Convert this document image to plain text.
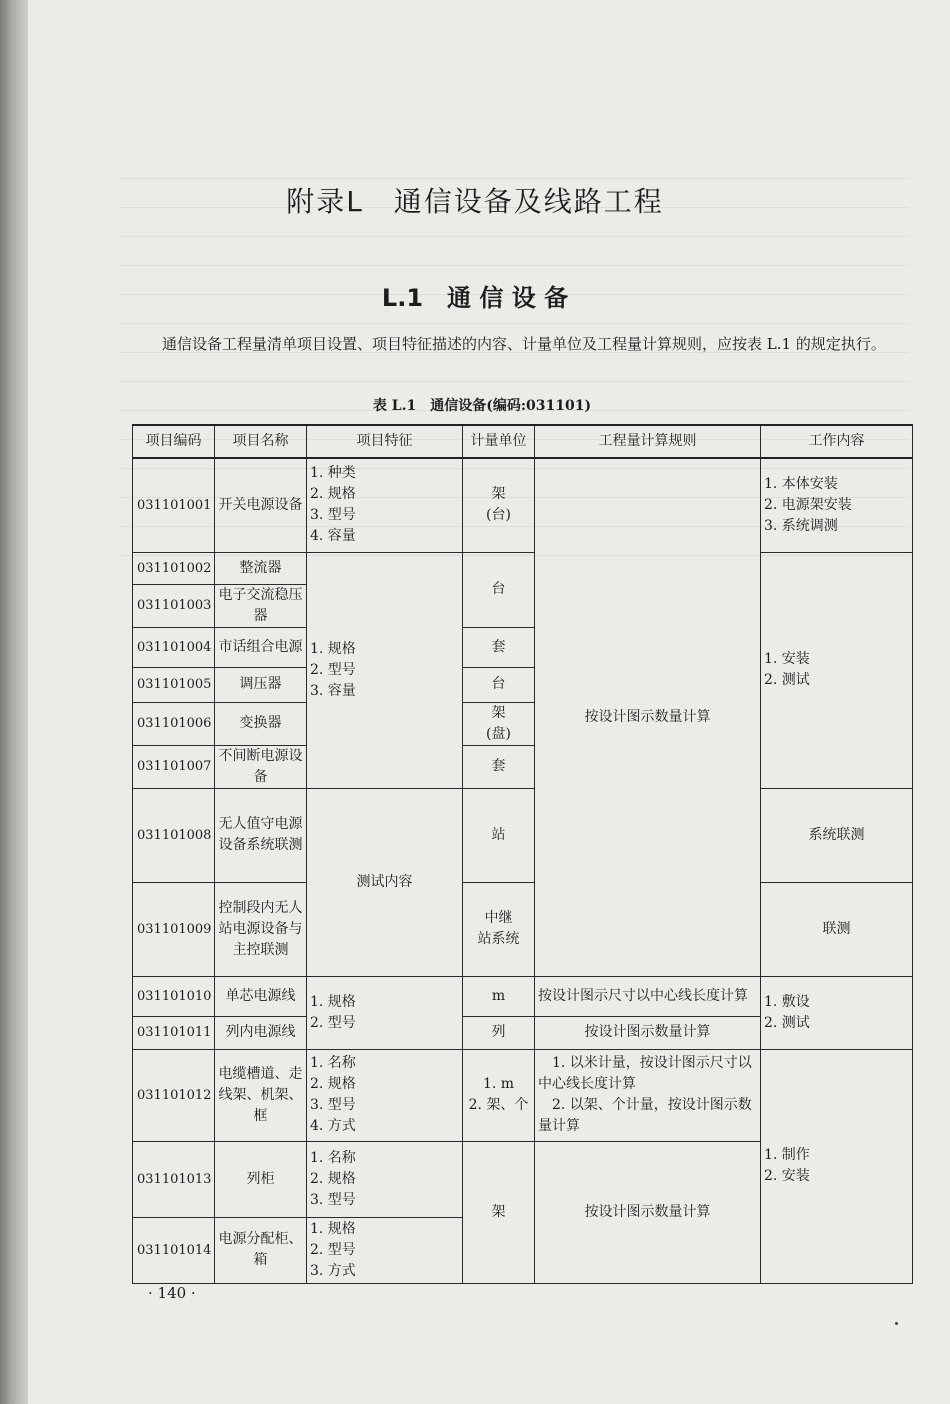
附录L　通信设备及线路工程
L.1　通 信 设 备
通信设备工程量清单项目设置、项目特征描述的内容、计量单位及工程量计算规则，应按表 L.1 的规定执行。
表 L.1　通信设备(编码:031101)
项目编码	项目名称	项目特征	计量单位	工程量计算规则	工作内容
031101001	开关电源设备	1. 种类
2. 规格
3. 型号
4. 容量	架
(台)	按设计图示数量计算	1. 本体安装
2. 电源架安装
3. 系统调测
031101002	整流器	1. 规格
2. 型号
3. 容量	台		1. 安装
2. 测试
031101003	电子交流稳压器				
031101004	市话组合电源		套		
031101005	调压器		台		
031101006	变换器		架
(盘)		
031101007	不间断电源设备		套		
031101008	无人值守电源设备系统联测	测试内容	站		系统联测
031101009	控制段内无人站电源设备与主控联测		中继
站系统		联测
031101010	单芯电源线	1. 规格
2. 型号	m	按设计图示尺寸以中心线长度计算	1. 敷设
2. 测试
031101011	列内电源线		列	按设计图示数量计算	
031101012	电缆槽道、走线架、机架、框	1. 名称
2. 规格
3. 型号
4. 方式	1. m
2. 架、个	　1. 以米计量，按设计图示尺寸以中心线长度计算
　2. 以架、个计量，按设计图示数量计算	1. 制作
2. 安装
031101013	列柜	1. 名称
2. 规格
3. 型号	架	按设计图示数量计算	
031101014	电源分配柜、箱	1. 规格
2. 型号
3. 方式			
· 140 ·
